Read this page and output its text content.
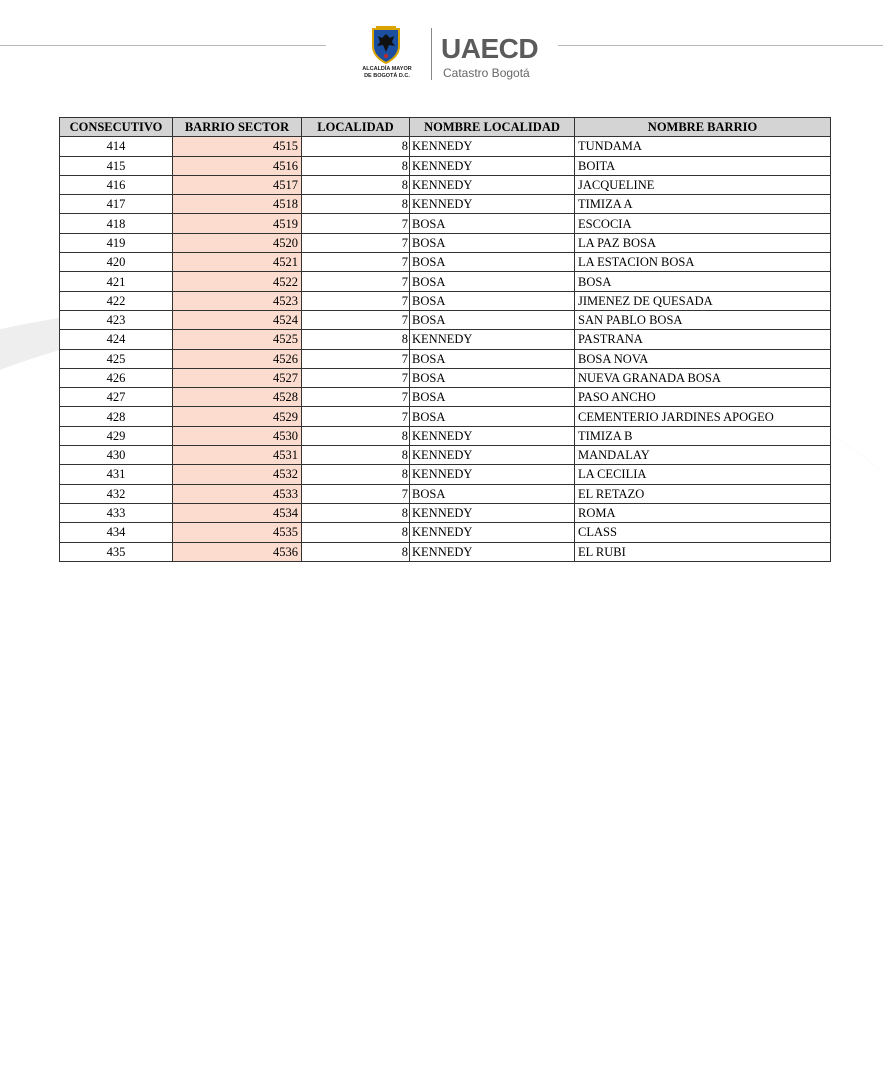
ALCALDÍA MAYOR
DE BOGOTÁ D.C.
UAECD
Catastro Bogotá
CONSECUTIVO	BARRIO SECTOR	LOCALIDAD	NOMBRE LOCALIDAD	NOMBRE BARRIO
414	4515	8	KENNEDY	TUNDAMA
415	4516	8	KENNEDY	BOITA
416	4517	8	KENNEDY	JACQUELINE
417	4518	8	KENNEDY	TIMIZA A
418	4519	7	BOSA	ESCOCIA
419	4520	7	BOSA	LA PAZ BOSA
420	4521	7	BOSA	LA ESTACION BOSA
421	4522	7	BOSA	BOSA
422	4523	7	BOSA	JIMENEZ DE QUESADA
423	4524	7	BOSA	SAN PABLO BOSA
424	4525	8	KENNEDY	PASTRANA
425	4526	7	BOSA	BOSA NOVA
426	4527	7	BOSA	NUEVA GRANADA BOSA
427	4528	7	BOSA	PASO ANCHO
428	4529	7	BOSA	CEMENTERIO JARDINES APOGEO
429	4530	8	KENNEDY	TIMIZA B
430	4531	8	KENNEDY	MANDALAY
431	4532	8	KENNEDY	LA CECILIA
432	4533	7	BOSA	EL RETAZO
433	4534	8	KENNEDY	ROMA
434	4535	8	KENNEDY	CLASS
435	4536	8	KENNEDY	EL RUBI
